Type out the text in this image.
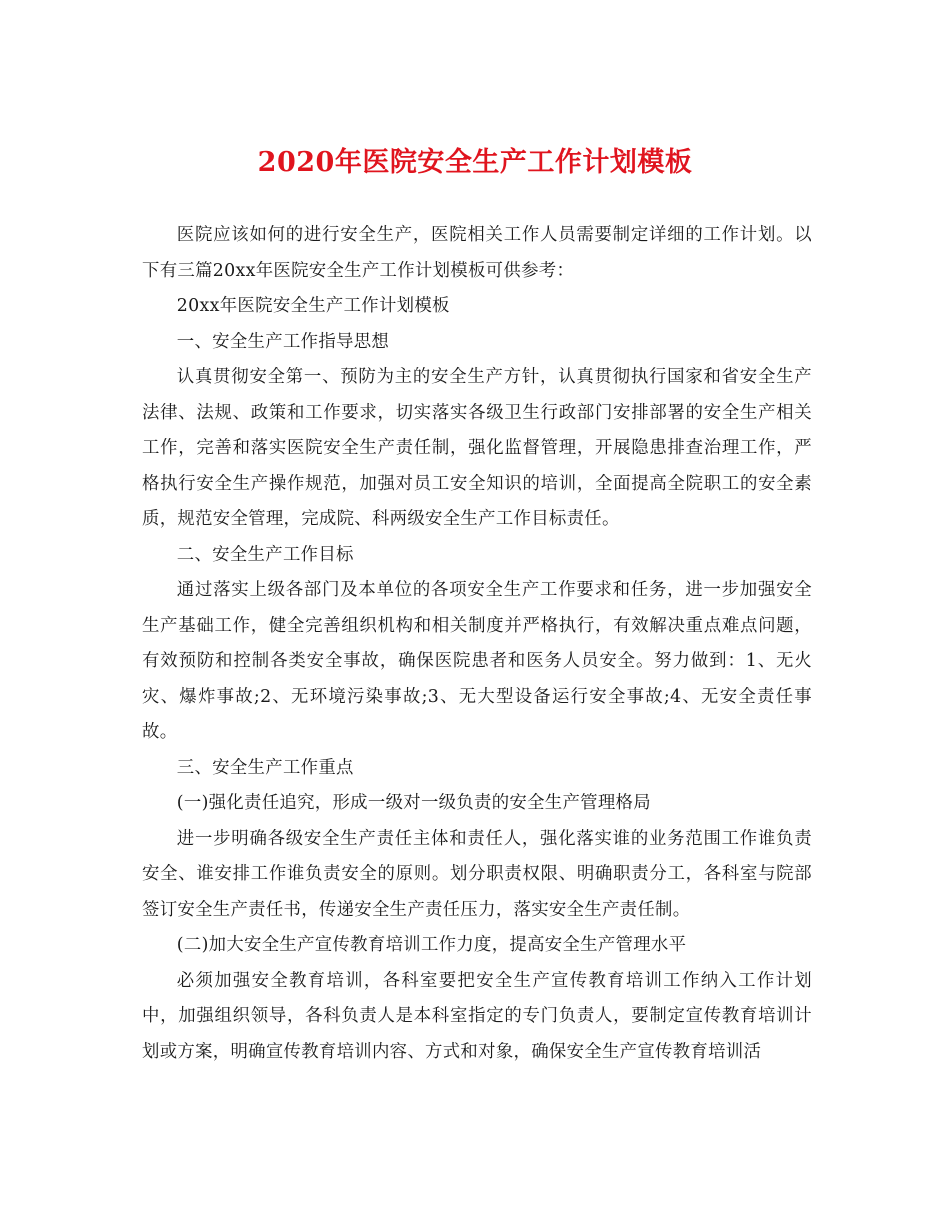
2020年医院安全生产工作计划模板

医院应该如何的进行安全生产，医院相关工作人员需要制定详细的工作计划。以下有三篇20xx年医院安全生产工作计划模板可供参考：

20xx年医院安全生产工作计划模板

一、安全生产工作指导思想

认真贯彻安全第一、预防为主的安全生产方针，认真贯彻执行国家和省安全生产法律、法规、政策和工作要求，切实落实各级卫生行政部门安排部署的安全生产相关工作，完善和落实医院安全生产责任制，强化监督管理，开展隐患排查治理工作，严格执行安全生产操作规范，加强对员工安全知识的培训，全面提高全院职工的安全素质，规范安全管理，完成院、科两级安全生产工作目标责任。

二、安全生产工作目标

通过落实上级各部门及本单位的各项安全生产工作要求和任务，进一步加强安全生产基础工作，健全完善组织机构和相关制度并严格执行，有效解决重点难点问题，有效预防和控制各类安全事故，确保医院患者和医务人员安全。努力做到：1、无火灾、爆炸事故;2、无环境污染事故;3、无大型设备运行安全事故;4、无安全责任事故。

三、安全生产工作重点

(一)强化责任追究，形成一级对一级负责的安全生产管理格局

进一步明确各级安全生产责任主体和责任人，强化落实谁的业务范围工作谁负责安全、谁安排工作谁负责安全的原则。划分职责权限、明确职责分工，各科室与院部签订安全生产责任书，传递安全生产责任压力，落实安全生产责任制。

(二)加大安全生产宣传教育培训工作力度，提高安全生产管理水平

必须加强安全教育培训，各科室要把安全生产宣传教育培训工作纳入工作计划中，加强组织领导，各科负责人是本科室指定的专门负责人，要制定宣传教育培训计划或方案，明确宣传教育培训内容、方式和对象，确保安全生产宣传教育培训活
